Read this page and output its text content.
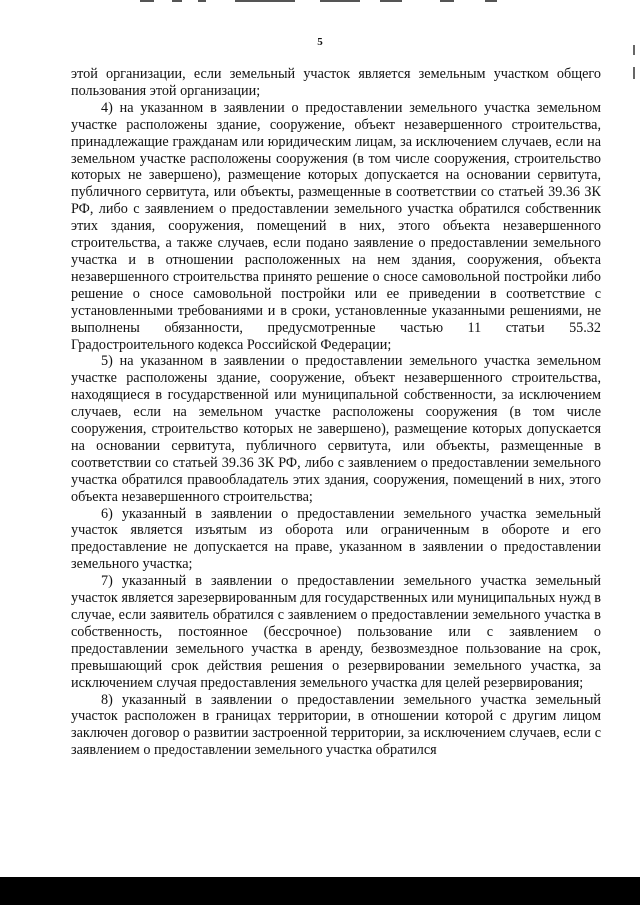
5

этой организации, если земельный участок является земельным участком общего пользования этой организации;

4) на указанном в заявлении о предоставлении земельного участка земельном участке расположены здание, сооружение, объект незавершенного строительства, принадлежащие гражданам или юридическим лицам, за исключением случаев, если на земельном участке расположены сооружения (в том числе сооружения, строительство которых не завершено), размещение которых допускается на основании сервитута, публичного сервитута, или объекты, размещенные в соответствии со статьей 39.36 ЗК РФ, либо с заявлением о предоставлении земельного участка обратился собственник этих здания, сооружения, помещений в них, этого объекта незавершенного строительства, а также случаев, если подано заявление о предоставлении земельного участка и в отношении расположенных на нем здания, сооружения, объекта незавершенного строительства принято решение о сносе самовольной постройки либо решение о сносе самовольной постройки или ее приведении в соответствие с установленными требованиями и в сроки, установленные указанными решениями, не выполнены обязанности, предусмотренные частью 11 статьи 55.32 Градостроительного кодекса Российской Федерации;

5) на указанном в заявлении о предоставлении земельного участка земельном участке расположены здание, сооружение, объект незавершенного строительства, находящиеся в государственной или муниципальной собственности, за исключением случаев, если на земельном участке расположены сооружения (в том числе сооружения, строительство которых не завершено), размещение которых допускается на основании сервитута, публичного сервитута, или объекты, размещенные в соответствии со статьей 39.36 ЗК РФ, либо с заявлением о предоставлении земельного участка обратился правообладатель этих здания, сооружения, помещений в них, этого объекта незавершенного строительства;

6) указанный в заявлении о предоставлении земельного участка земельный участок является изъятым из оборота или ограниченным в обороте и его предоставление не допускается на праве, указанном в заявлении о предоставлении земельного участка;

7) указанный в заявлении о предоставлении земельного участка земельный участок является зарезервированным для государственных или муниципальных нужд в случае, если заявитель обратился с заявлением о предоставлении земельного участка в собственность, постоянное (бессрочное) пользование или с заявлением о предоставлении земельного участка в аренду, безвозмездное пользование на срок, превышающий срок действия решения о резервировании земельного участка, за исключением случая предоставления земельного участка для целей резервирования;

8) указанный в заявлении о предоставлении земельного участка земельный участок расположен в границах территории, в отношении которой с другим лицом заключен договор о развитии застроенной территории, за исключением случаев, если с заявлением о предоставлении земельного участка обратился
